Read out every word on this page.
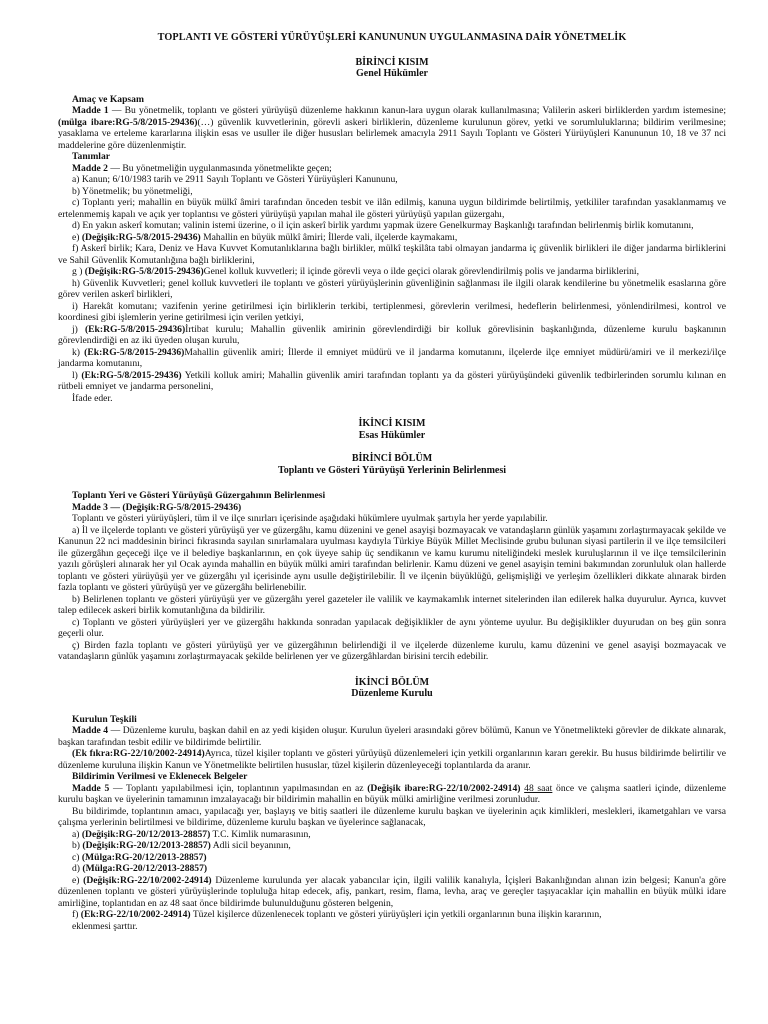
TOPLANTI VE GÖSTERİ YÜRÜYÜŞLERİ KANUNUNUN UYGULANMASINA DAİR YÖNETMELİK
BİRİNCİ KISIM
Genel Hükümler
Amaç ve Kapsam

Madde 1 — Bu yönetmelik, toplantı ve gösteri yürüyüşü düzenleme hakkının kanun-lara uygun olarak kullanılmasına; Valilerin askeri birliklerden yardım istemesine; (mülga ibare:RG-5/8/2015-29436)(…) güvenlik kuvvetlerinin, görevli askeri birliklerin, düzenleme kurulunun görev, yetki ve sorumluluklarına; bildirim verilmesine; yasaklama ve erteleme kararlarına ilişkin esas ve usuller ile diğer hususları belirlemek amacıyla 2911 Sayılı Toplantı ve Gösteri Yürüyüşleri Kanununun 10, 18 ve 37 nci maddelerine göre düzenlenmiştir.

Tanımlar

Madde 2 — Bu yönetmeliğin uygulanmasında yönetmelikte geçen;

a) Kanun; 6/10/1983 tarih ve 2911 Sayılı Toplantı ve Gösteri Yürüyüşleri Kanununu,

b) Yönetmelik; bu yönetmeliği,

c) Toplantı yeri; mahallin en büyük mülkî âmiri tarafından önceden tesbit ve ilân edilmiş, kanuna uygun bildirimde belirtilmiş, yetkililer tarafından yasaklanmamış ve ertelenmemiş kapalı ve açık yer toplantısı ve gösteri yürüyüşü yapılan mahal ile gösteri yürüyüşü yapılan güzergahı,

d) En yakın askerî komutan; valinin istemi üzerine, o il için askerî birlik yardımı yapmak üzere Genelkurmay Başkanlığı tarafından belirlenmiş birlik komutanını,

e) (Değişik:RG-5/8/2015-29436) Mahallin en büyük mülkî âmiri; İllerde vali, ilçelerde kaymakamı,

f) Askerî birlik; Kara, Deniz ve Hava Kuvvet Komutanlıklarına bağlı birlikler, mülkî teşkilâta tabi olmayan jandarma iç güvenlik birlikleri ile diğer jandarma birliklerini ve Sahil Güvenlik Komutanlığına bağlı birliklerini,

g ) (Değişik:RG-5/8/2015-29436)Genel kolluk kuvvetleri; il içinde görevli veya o ilde geçici olarak görevlendirilmiş polis ve jandarma birliklerini,

h) Güvenlik Kuvvetleri; genel kolluk kuvvetleri ile toplantı ve gösteri yürüyüşlerinin güvenliğinin sağlanması ile ilgili olarak kendilerine bu yönetmelik esaslarına göre görev verilen askerî birlikleri,

i) Harekât komutanı; vazifenin yerine getirilmesi için birliklerin terkibi, tertiplenmesi, görevlerin verilmesi, hedeflerin belirlenmesi, yönlendirilmesi, kontrol ve koordinesi gibi işlemlerin yerine getirilmesi için verilen yetkiyi,

j) (Ek:RG-5/8/2015-29436)İrtibat kurulu; Mahallin güvenlik amirinin görevlendirdiği bir kolluk görevlisinin başkanlığında, düzenleme kurulu başkanının görevlendirdiği en az iki üyeden oluşan kurulu,

k) (Ek:RG-5/8/2015-29436)Mahallin güvenlik amiri; İllerde il emniyet müdürü ve il jandarma komutanını, ilçelerde ilçe emniyet müdürü/amiri ve il merkezi/ilçe jandarma komutanını,

l) (Ek:RG-5/8/2015-29436) Yetkili kolluk amiri; Mahallin güvenlik amiri tarafından toplantı ya da gösteri yürüyüşündeki güvenlik tedbirlerinden sorumlu kılınan en rütbeli emniyet ve jandarma personelini,

İfade eder.

İKİNCİ KISIM
Esas Hükümler
BİRİNCİ BÖLÜM
Toplantı ve Gösteri Yürüyüşü Yerlerinin Belirlenmesi
Toplantı Yeri ve Gösteri Yürüyüşü Güzergahının Belirlenmesi

Madde 3 — (Değişik:RG-5/8/2015-29436)

Toplantı ve gösteri yürüyüşleri, tüm il ve ilçe sınırları içerisinde aşağıdaki hükümlere uyulmak şartıyla her yerde yapılabilir.

a) İl ve ilçelerde toplantı ve gösteri yürüyüşü yer ve güzergâhı, kamu düzenini ve genel asayişi bozmayacak ve vatandaşların günlük yaşamını zorlaştırmayacak şekilde ve Kanunun 22 nci maddesinin birinci fıkrasında sayılan sınırlamalara uyulması kaydıyla Türkiye Büyük Millet Meclisinde grubu bulunan siyasi partilerin il ve ilçe temsilcileri ile güzergâhın geçeceği ilçe ve il belediye başkanlarının, en çok üyeye sahip üç sendikanın ve kamu kurumu niteliğindeki meslek kuruluşlarının il ve ilçe temsilcilerinin yazılı görüşleri alınarak her yıl Ocak ayında mahallin en büyük mülki amiri tarafından belirlenir. Kamu düzeni ve genel asayişin temini bakımından zorunluluk olan hallerde toplantı ve gösteri yürüyüşü yer ve güzergâhı yıl içerisinde aynı usulle değiştirilebilir. İl ve ilçenin büyüklüğü, gelişmişliği ve yerleşim özellikleri dikkate alınarak birden fazla toplantı ve gösteri yürüyüşü yer ve güzergâhı belirlenebilir.

b) Belirlenen toplantı ve gösteri yürüyüşü yer ve güzergâhı yerel gazeteler ile valilik ve kaymakamlık internet sitelerinden ilan edilerek halka duyurulur. Ayrıca, kuvvet talep edilecek askeri birlik komutanlığına da bildirilir.

c) Toplantı ve gösteri yürüyüşleri yer ve güzergâhı hakkında sonradan yapılacak değişiklikler de aynı yönteme uyulur. Bu değişiklikler duyurudan on beş gün sonra geçerli olur.

ç) Birden fazla toplantı ve gösteri yürüyüşü yer ve güzergâhının belirlendiği il ve ilçelerde düzenleme kurulu, kamu düzenini ve genel asayişi bozmayacak ve vatandaşların günlük yaşamını zorlaştırmayacak şekilde belirlenen yer ve güzergâhlardan birisini tercih edebilir.

İKİNCİ BÖLÜM
Düzenleme Kurulu
Kurulun Teşkili

Madde 4 — Düzenleme kurulu, başkan dahil en az yedi kişiden oluşur. Kurulun üyeleri arasındaki görev bölümü, Kanun ve Yönetmelikteki görevler de dikkate alınarak, başkan tarafından tesbit edilir ve bildirimde belirtilir.

(Ek fıkra:RG-22/10/2002-24914)Ayrıca, tüzel kişiler toplantı ve gösteri yürüyüşü düzenlemeleri için yetkili organlarının kararı gerekir. Bu husus bildirimde belirtilir ve düzenleme kuruluna ilişkin Kanun ve Yönetmelikte belirtilen hususlar, tüzel kişilerin düzenleyeceği toplantılarda da aranır.

Bildirimin Verilmesi ve Eklenecek Belgeler

Madde 5 — Toplantı yapılabilmesi için, toplantının yapılmasından en az (Değişik ibare:RG-22/10/2002-24914) 48 saat önce ve çalışma saatleri içinde, düzenleme kurulu başkan ve üyelerinin tamamının imzalayacağı bir bildirimin mahallin en büyük mülki amirliğine verilmesi zorunludur.

Bu bildirimde, toplantının amacı, yapılacağı yer, başlayış ve bitiş saatleri ile düzenleme kurulu başkan ve üyelerinin açık kimlikleri, meslekleri, ikametgahları ve varsa çalışma yerlerinin belirtilmesi ve bildirime, düzenleme kurulu başkan ve üyelerince sağlanacak,

a) (Değişik:RG-20/12/2013-28857) T.C. Kimlik numarasının,

b) (Değişik:RG-20/12/2013-28857) Adli sicil beyanının,

c) (Mülga:RG-20/12/2013-28857)

d) (Mülga:RG-20/12/2013-28857)

e) (Değişik:RG-22/10/2002-24914) Düzenleme kurulunda yer alacak yabancılar için, ilgili valilik kanalıyla, İçişleri Bakanlığından alınan izin belgesi; Kanun'a göre düzenlenen toplantı ve gösteri yürüyüşlerinde topluluğa hitap edecek, afiş, pankart, resim, flama, levha, araç ve gereçler taşıyacaklar için mahallin en büyük mülki idare amirliğine, toplantıdan en az 48 saat önce bildirimde bulunulduğunu gösteren belgenin,

f) (Ek:RG-22/10/2002-24914) Tüzel kişilerce düzenlenecek toplantı ve gösteri yürüyüşleri için yetkili organlarının buna ilişkin kararının,

eklenmesi şarttır.
